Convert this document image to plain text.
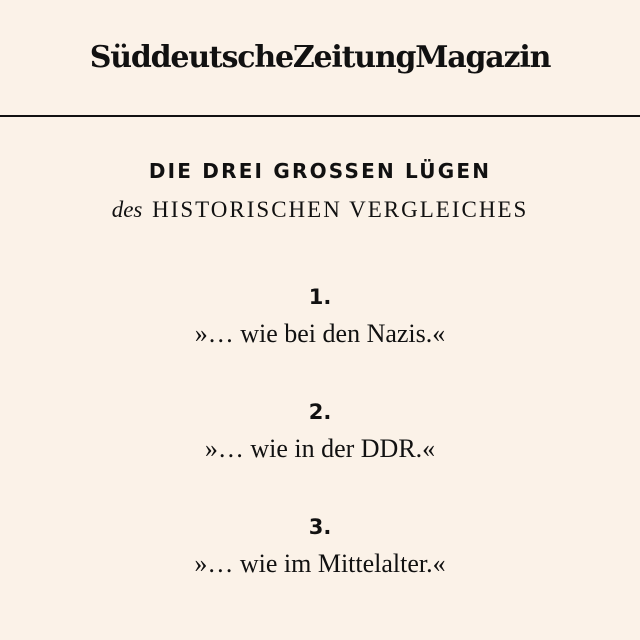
SüddeutscheZeitungMagazin
DIE DREI GROSSEN LÜGEN
des HISTORISCHEN VERGLEICHES
1.
»… wie bei den Nazis.«
2.
»… wie in der DDR.«
3.
»… wie im Mittelalter.«
